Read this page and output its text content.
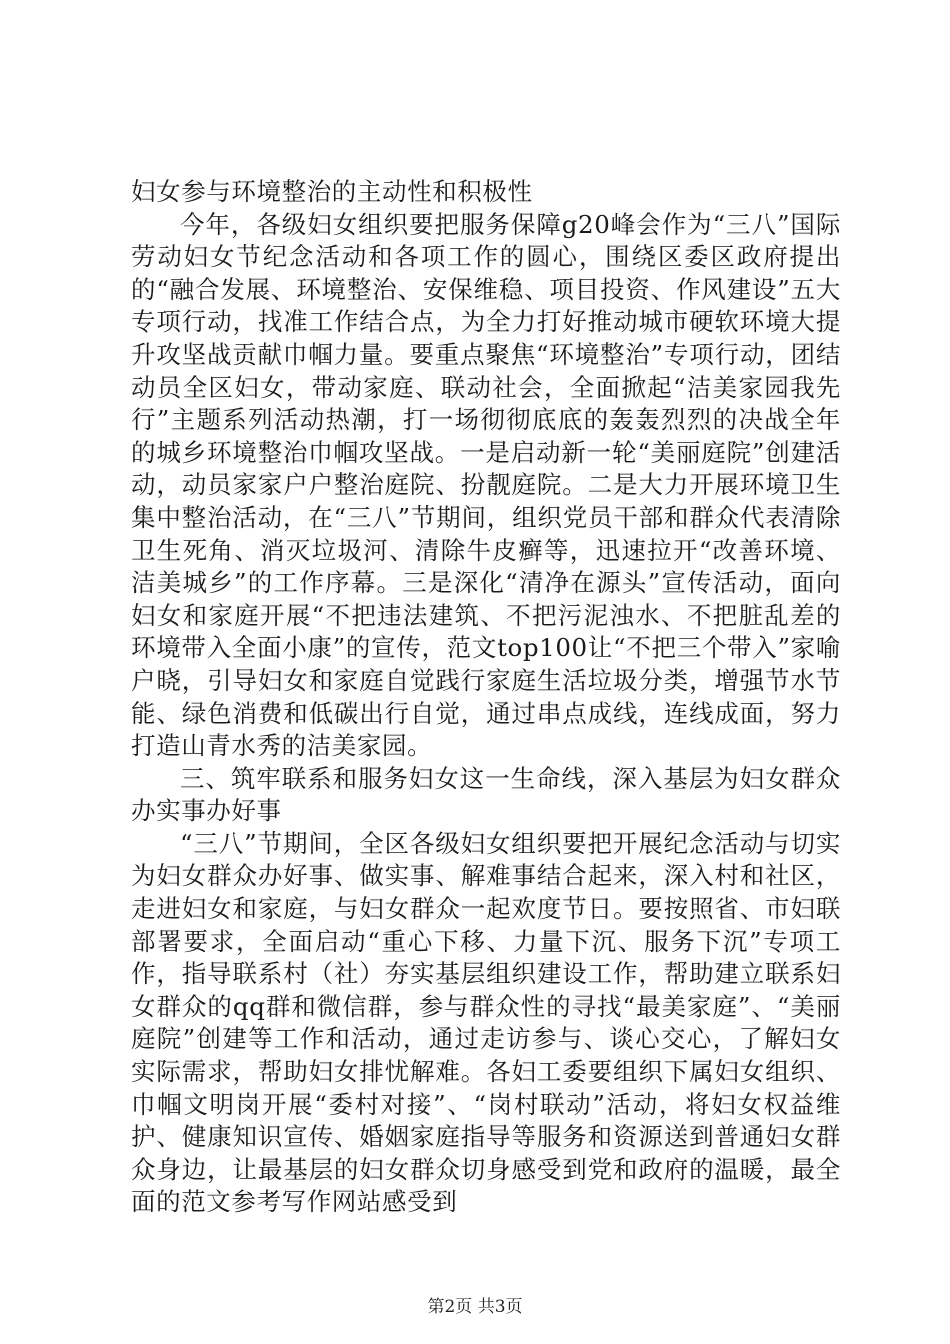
妇女参与环境整治的主动性和积极性

今年，各级妇女组织要把服务保障g20峰会作为“三八”国际劳动妇女节纪念活动和各项工作的圆心，围绕区委区政府提出的“融合发展、环境整治、安保维稳、项目投资、作风建设”五大专项行动，找准工作结合点，为全力打好推动城市硬软环境大提升攻坚战贡献巾帼力量。要重点聚焦“环境整治”专项行动，团结动员全区妇女，带动家庭、联动社会，全面掀起“洁美家园我先行”主题系列活动热潮，打一场彻彻底底的轰轰烈烈的决战全年的城乡环境整治巾帼攻坚战。一是启动新一轮“美丽庭院”创建活动，动员家家户户整治庭院、扮靓庭院。二是大力开展环境卫生集中整治活动，在“三八”节期间，组织党员干部和群众代表清除卫生死角、消灭垃圾河、清除牛皮癣等，迅速拉开“改善环境、洁美城乡”的工作序幕。三是深化“清净在源头”宣传活动，面向妇女和家庭开展“不把违法建筑、不把污泥浊水、不把脏乱差的环境带入全面小康”的宣传，范文top100让“不把三个带入”家喻户晓，引导妇女和家庭自觉践行家庭生活垃圾分类，增强节水节能、绿色消费和低碳出行自觉，通过串点成线，连线成面，努力打造山青水秀的洁美家园。

三、筑牢联系和服务妇女这一生命线，深入基层为妇女群众办实事办好事

“三八”节期间，全区各级妇女组织要把开展纪念活动与切实为妇女群众办好事、做实事、解难事结合起来，深入村和社区，走进妇女和家庭，与妇女群众一起欢度节日。要按照省、市妇联部署要求，全面启动“重心下移、力量下沉、服务下沉”专项工作，指导联系村（社）夯实基层组织建设工作，帮助建立联系妇女群众的qq群和微信群，参与群众性的寻找“最美家庭”、“美丽庭院”创建等工作和活动，通过走访参与、谈心交心，了解妇女实际需求，帮助妇女排忧解难。各妇工委要组织下属妇女组织、巾帼文明岗开展“委村对接”、“岗村联动”活动，将妇女权益维护、健康知识宣传、婚姻家庭指导等服务和资源送到普通妇女群众身边，让最基层的妇女群众切身感受到党和政府的温暖，最全面的范文参考写作网站感受到

第2页 共3页
